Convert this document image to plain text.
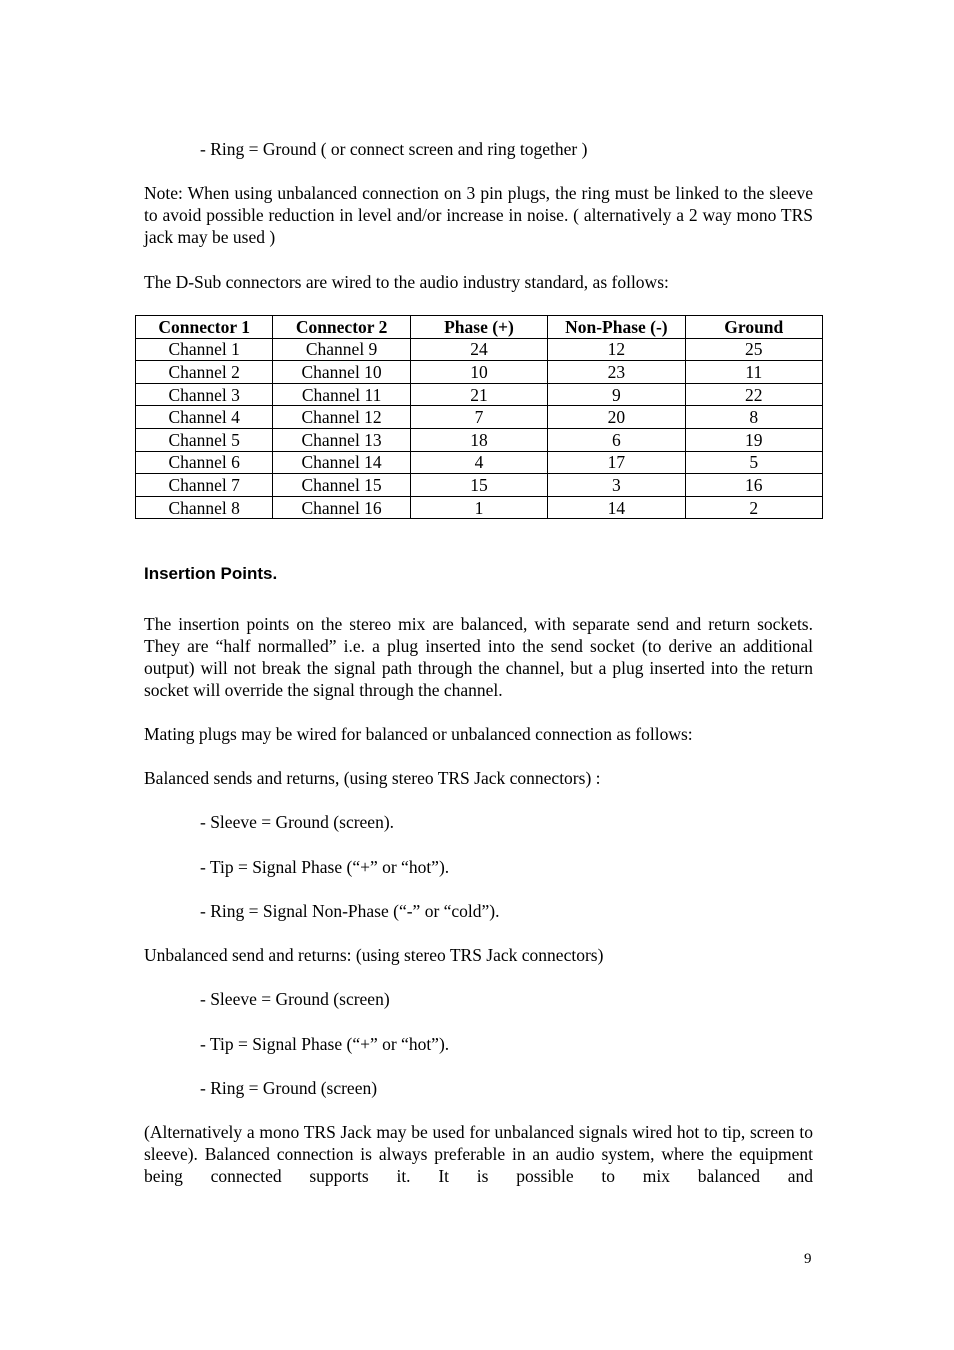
- Ring = Ground ( or connect screen and ring together )

Note: When using unbalanced connection on 3 pin plugs, the ring must be linked to the sleeve to avoid possible reduction in level and/or increase in noise. ( alternatively a 2 way mono TRS jack may be used )

The D-Sub connectors are wired to the audio industry standard, as follows:

Connector 1	Connector 2	Phase (+)	Non-Phase (-)	Ground
Channel 1	Channel 9	24	12	25
Channel 2	Channel 10	10	23	11
Channel 3	Channel 11	21	9	22
Channel 4	Channel 12	7	20	8
Channel 5	Channel 13	18	6	19
Channel 6	Channel 14	4	17	5
Channel 7	Channel 15	15	3	16
Channel 8	Channel 16	1	14	2
Insertion Points.

The insertion points on the stereo mix are balanced, with separate send and return sockets. They are “half normalled” i.e. a plug inserted into the send socket (to derive an additional output) will not break the signal path through the channel, but a plug inserted into the return socket will override the signal through the channel.

Mating plugs may be wired for balanced or unbalanced connection as follows:

Balanced sends and returns, (using stereo TRS Jack connectors) :

- Sleeve = Ground (screen).

- Tip = Signal Phase (“+” or “hot”).

- Ring = Signal Non-Phase (“-” or “cold”).

Unbalanced send and returns: (using stereo TRS Jack connectors)

- Sleeve = Ground (screen)

- Tip = Signal Phase (“+” or “hot”).

- Ring = Ground (screen)

(Alternatively a mono TRS Jack may be used for unbalanced signals wired hot to tip, screen to sleeve). Balanced connection is always preferable in an audio system, where the equipment being connected supports it. It is possible to mix balanced and

9
